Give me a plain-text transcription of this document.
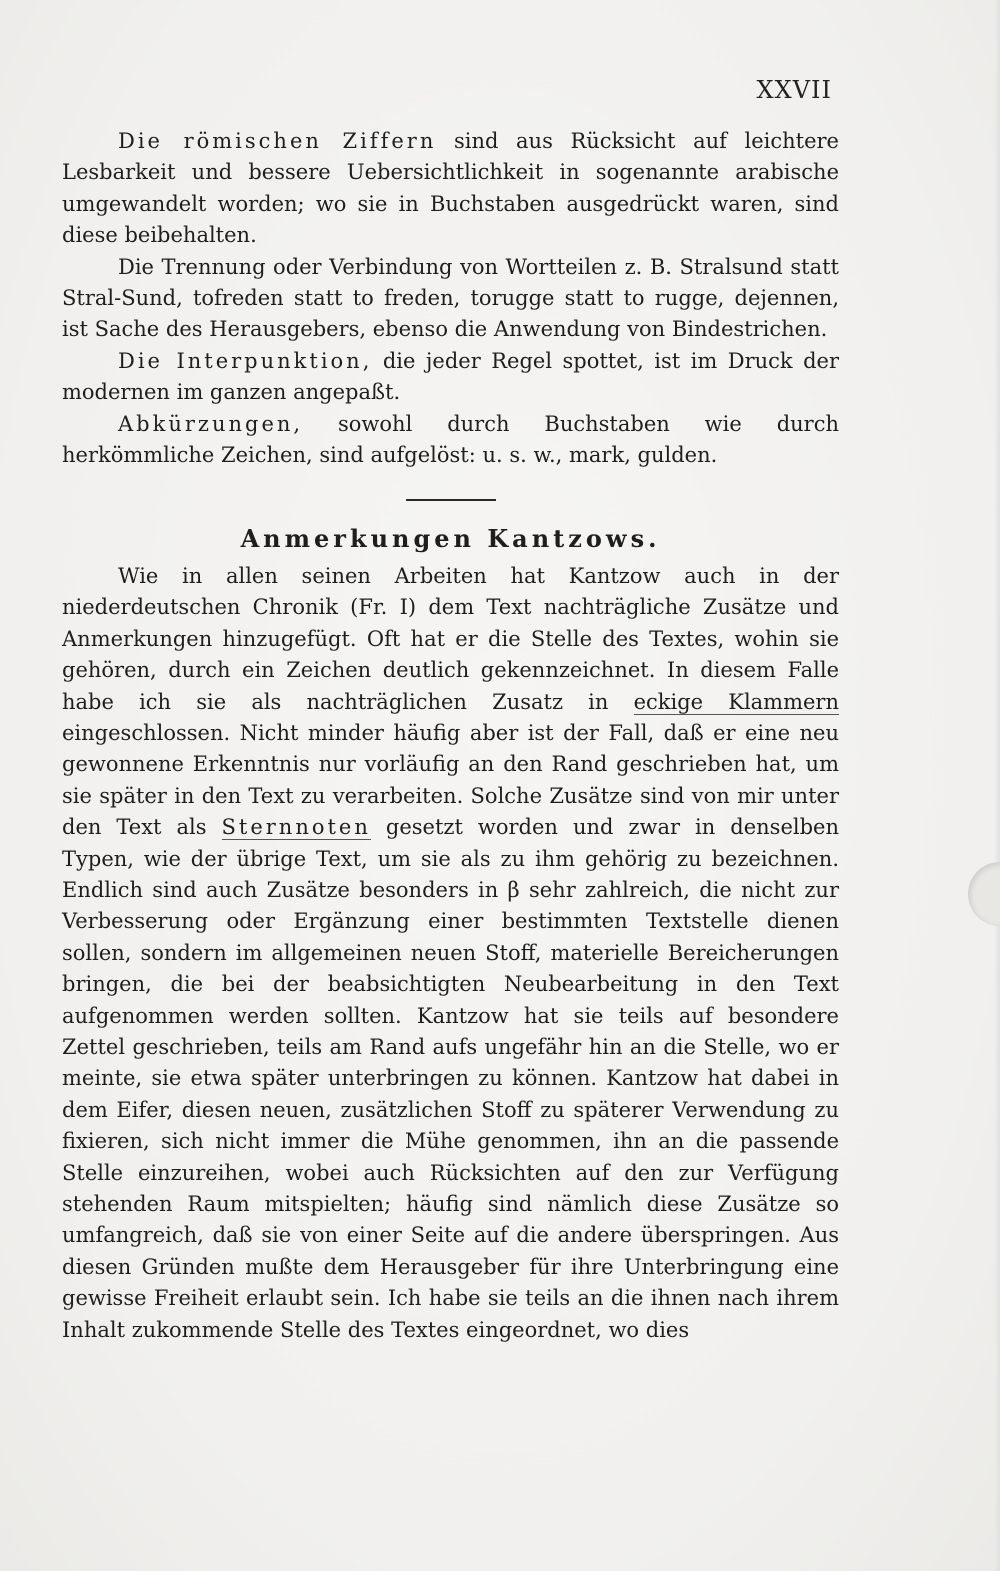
XXVII

Die römischen Ziffern sind aus Rücksicht auf leichtere Lesbarkeit und bessere Uebersichtlichkeit in sogenannte arabische umgewandelt worden; wo sie in Buchstaben ausgedrückt waren, sind diese beibehalten.

Die Trennung oder Verbindung von Wortteilen z. B. Stralsund statt Stral-Sund, tofreden statt to freden, torugge statt to rugge, dejennen, ist Sache des Herausgebers, ebenso die Anwendung von Bindestrichen.

Die Interpunktion, die jeder Regel spottet, ist im Druck der modernen im ganzen angepaßt.

Abkürzungen, sowohl durch Buchstaben wie durch herkömmliche Zeichen, sind aufgelöst: u. s. w., mark, gulden.

Anmerkungen Kantzows.

Wie in allen seinen Arbeiten hat Kantzow auch in der niederdeutschen Chronik (Fr. I) dem Text nachträgliche Zusätze und Anmerkungen hinzugefügt. Oft hat er die Stelle des Textes, wohin sie gehören, durch ein Zeichen deutlich gekennzeichnet. In diesem Falle habe ich sie als nachträglichen Zusatz in eckige Klammern eingeschlossen. Nicht minder häufig aber ist der Fall, daß er eine neu gewonnene Erkenntnis nur vorläufig an den Rand geschrieben hat, um sie später in den Text zu verarbeiten. Solche Zusätze sind von mir unter den Text als Sternnoten gesetzt worden und zwar in denselben Typen, wie der übrige Text, um sie als zu ihm gehörig zu bezeichnen. Endlich sind auch Zusätze besonders in β sehr zahlreich, die nicht zur Verbesserung oder Ergänzung einer bestimmten Textstelle dienen sollen, sondern im allgemeinen neuen Stoff, materielle Bereicherungen bringen, die bei der beabsichtigten Neubearbeitung in den Text aufgenommen werden sollten. Kantzow hat sie teils auf besondere Zettel geschrieben, teils am Rand aufs ungefähr hin an die Stelle, wo er meinte, sie etwa später unterbringen zu können. Kantzow hat dabei in dem Eifer, diesen neuen, zusätzlichen Stoff zu späterer Verwendung zu fixieren, sich nicht immer die Mühe genommen, ihn an die passende Stelle einzureihen, wobei auch Rücksichten auf den zur Verfügung stehenden Raum mitspielten; häufig sind nämlich diese Zusätze so umfangreich, daß sie von einer Seite auf die andere überspringen. Aus diesen Gründen mußte dem Herausgeber für ihre Unterbringung eine gewisse Freiheit erlaubt sein. Ich habe sie teils an die ihnen nach ihrem Inhalt zukommende Stelle des Textes eingeordnet, wo dies
